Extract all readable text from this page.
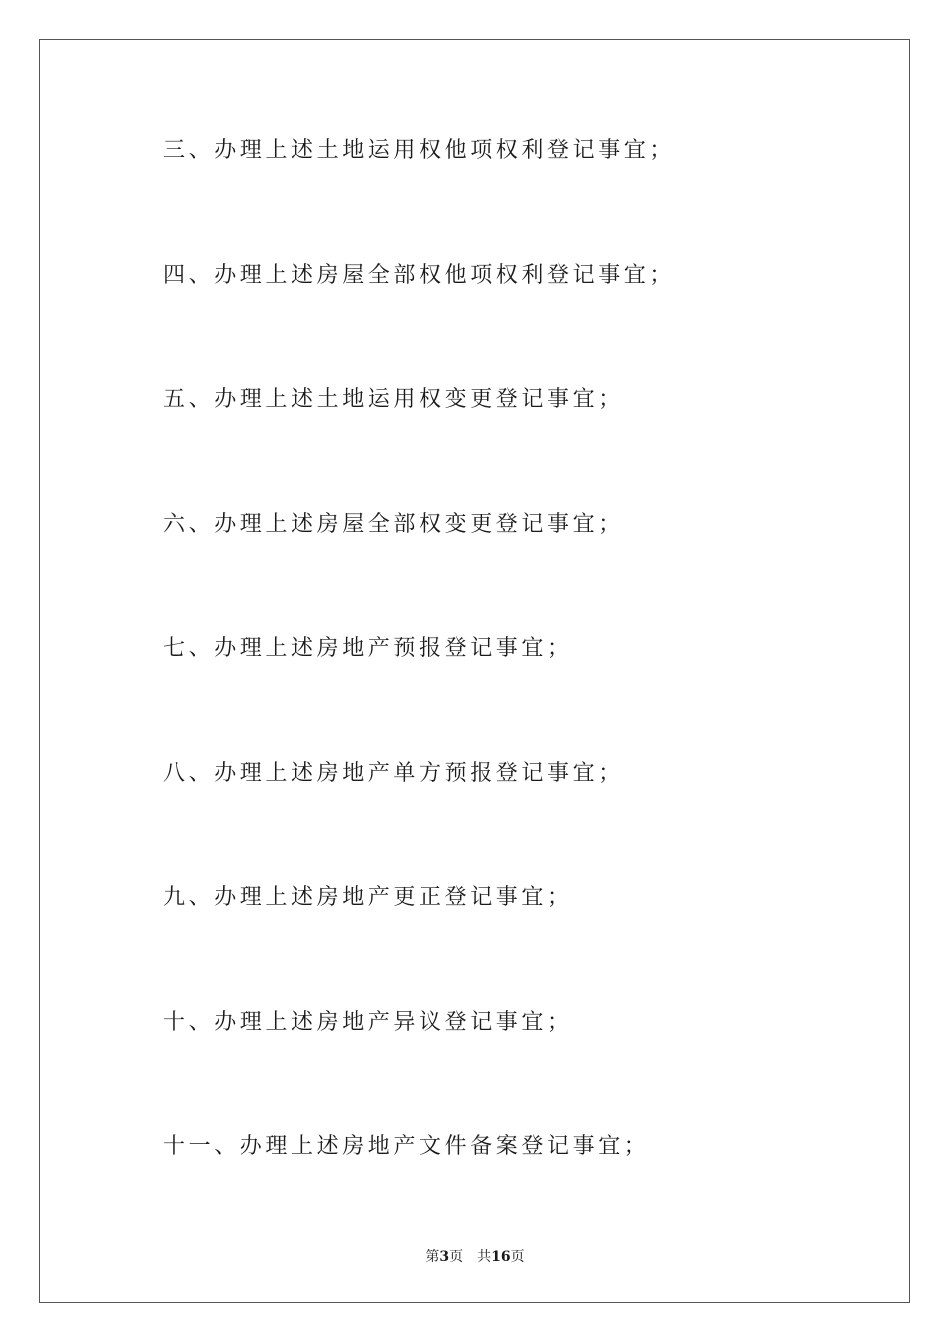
三、办理上述土地运用权他项权利登记事宜；
四、办理上述房屋全部权他项权利登记事宜；
五、办理上述土地运用权变更登记事宜；
六、办理上述房屋全部权变更登记事宜；
七、办理上述房地产预报登记事宜；
八、办理上述房地产单方预报登记事宜；
九、办理上述房地产更正登记事宜；
十、办理上述房地产异议登记事宜；
十一、办理上述房地产文件备案登记事宜；
第3页 共16页
